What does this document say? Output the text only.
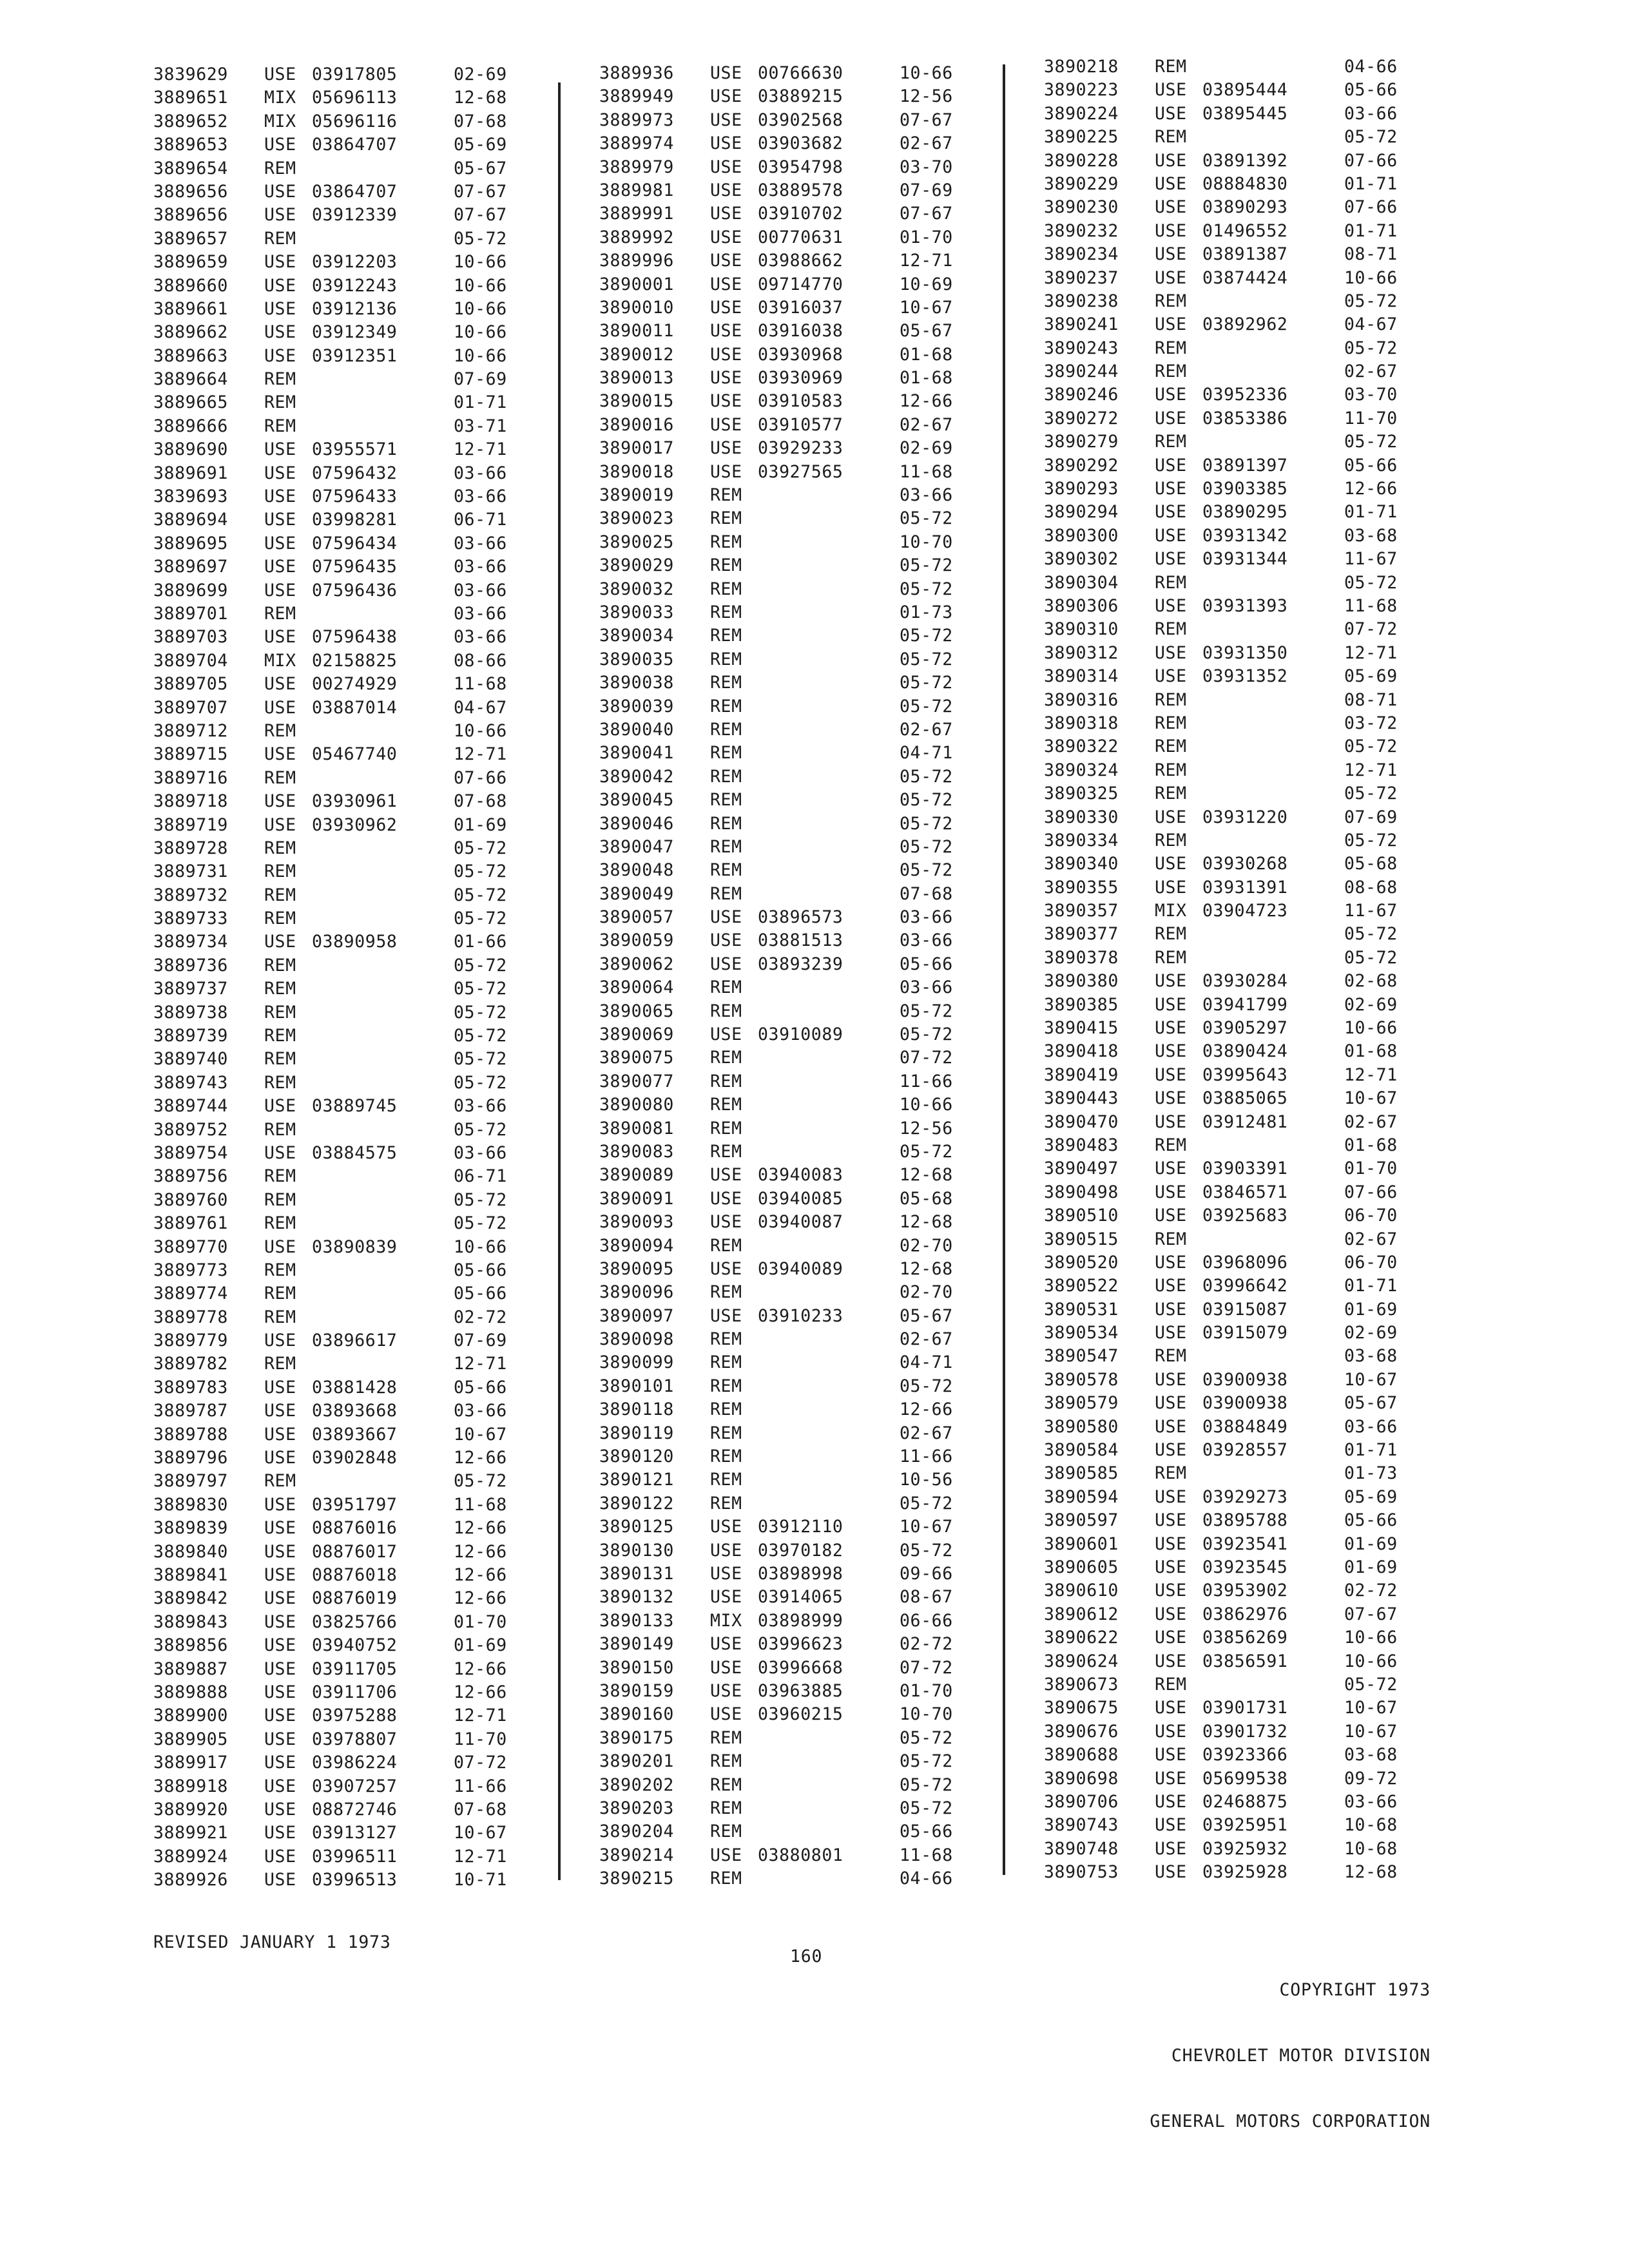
3839629 USE 03917805	02-69
3889651 MIX 05696113	12-68
3889652 MIX 05696116	07-68
3889653 USE 03864707	05-69
3889654 REM	05-67
3889656 USE 03864707	07-67
3889656 USE 03912339	07-67
3889657 REM	05-72
3889659 USE 03912203	10-66
3889660 USE 03912243	10-66
3889661 USE 03912136	10-66
3889662 USE 03912349	10-66
3889663 USE 03912351	10-66
3889664 REM	07-69
3889665 REM	01-71
3889666 REM	03-71
3889690 USE 03955571	12-71
3889691 USE 07596432	03-66
3839693 USE 07596433	03-66
3889694 USE 03998281	06-71
3889695 USE 07596434	03-66
3889697 USE 07596435	03-66
3889699 USE 07596436	03-66
3889701 REM	03-66
3889703 USE 07596438	03-66
3889704 MIX 02158825	08-66
3889705 USE 00274929	11-68
3889707 USE 03887014	04-67
3889712 REM	10-66
3889715 USE 05467740	12-71
3889716 REM	07-66
3889718 USE 03930961	07-68
3889719 USE 03930962	01-69
3889728 REM	05-72
3889731 REM	05-72
3889732 REM	05-72
3889733 REM	05-72
3889734 USE 03890958	01-66
3889736 REM	05-72
3889737 REM	05-72
3889738 REM	05-72
3889739 REM	05-72
3889740 REM	05-72
3889743 REM	05-72
3889744 USE 03889745	03-66
3889752 REM	05-72
3889754 USE 03884575	03-66
3889756 REM	06-71
3889760 REM	05-72
3889761 REM	05-72
3889770 USE 03890839	10-66
3889773 REM	05-66
3889774 REM	05-66
3889778 REM	02-72
3889779 USE 03896617	07-69
3889782 REM	12-71
3889783 USE 03881428	05-66
3889787 USE 03893668	03-66
3889788 USE 03893667	10-67
3889796 USE 03902848	12-66
3889797 REM	05-72
3889830 USE 03951797	11-68
3889839 USE 08876016	12-66
3889840 USE 08876017	12-66
3889841 USE 08876018	12-66
3889842 USE 08876019	12-66
3889843 USE 03825766	01-70
3889856 USE 03940752	01-69
3889887 USE 03911705	12-66
3889888 USE 03911706	12-66
3889900 USE 03975288	12-71
3889905 USE 03978807	11-70
3889917 USE 03986224	07-72
3889918 USE 03907257	11-66
3889920 USE 08872746	07-68
3889921 USE 03913127	10-67
3889924 USE 03996511	12-71
3889926 USE 03996513	10-71
3889936 USE 00766630	10-66
3889949 USE 03889215	12-56
3889973 USE 03902568	07-67
3889974 USE 03903682	02-67
3889979 USE 03954798	03-70
3889981 USE 03889578	07-69
3889991 USE 03910702	07-67
3889992 USE 00770631	01-70
3889996 USE 03988662	12-71
3890001 USE 09714770	10-69
3890010 USE 03916037	10-67
3890011 USE 03916038	05-67
3890012 USE 03930968	01-68
3890013 USE 03930969	01-68
3890015 USE 03910583	12-66
3890016 USE 03910577	02-67
3890017 USE 03929233	02-69
3890018 USE 03927565	11-68
3890019 REM	03-66
3890023 REM	05-72
3890025 REM	10-70
3890029 REM	05-72
3890032 REM	05-72
3890033 REM	01-73
3890034 REM	05-72
3890035 REM	05-72
3890038 REM	05-72
3890039 REM	05-72
3890040 REM	02-67
3890041 REM	04-71
3890042 REM	05-72
3890045 REM	05-72
3890046 REM	05-72
3890047 REM	05-72
3890048 REM	05-72
3890049 REM	07-68
3890057 USE 03896573	03-66
3890059 USE 03881513	03-66
3890062 USE 03893239	05-66
3890064 REM	03-66
3890065 REM	05-72
3890069 USE 03910089	05-72
3890075 REM	07-72
3890077 REM	11-66
3890080 REM	10-66
3890081 REM	12-56
3890083 REM	05-72
3890089 USE 03940083	12-68
3890091 USE 03940085	05-68
3890093 USE 03940087	12-68
3890094 REM	02-70
3890095 USE 03940089	12-68
3890096 REM	02-70
3890097 USE 03910233	05-67
3890098 REM	02-67
3890099 REM	04-71
3890101 REM	05-72
3890118 REM	12-66
3890119 REM	02-67
3890120 REM	11-66
3890121 REM	10-56
3890122 REM	05-72
3890125 USE 03912110	10-67
3890130 USE 03970182	05-72
3890131 USE 03898998	09-66
3890132 USE 03914065	08-67
3890133 MIX 03898999	06-66
3890149 USE 03996623	02-72
3890150 USE 03996668	07-72
3890159 USE 03963885	01-70
3890160 USE 03960215	10-70
3890175 REM	05-72
3890201 REM	05-72
3890202 REM	05-72
3890203 REM	05-72
3890204 REM	05-66
3890214 USE 03880801	11-68
3890215 REM	04-66
3890218 REM	04-66
3890223 USE 03895444	05-66
3890224 USE 03895445	03-66
3890225 REM	05-72
3890228 USE 03891392	07-66
3890229 USE 08884830	01-71
3890230 USE 03890293	07-66
3890232 USE 01496552	01-71
3890234 USE 03891387	08-71
3890237 USE 03874424	10-66
3890238 REM	05-72
3890241 USE 03892962	04-67
3890243 REM	05-72
3890244 REM	02-67
3890246 USE 03952336	03-70
3890272 USE 03853386	11-70
3890279 REM	05-72
3890292 USE 03891397	05-66
3890293 USE 03903385	12-66
3890294 USE 03890295	01-71
3890300 USE 03931342	03-68
3890302 USE 03931344	11-67
3890304 REM	05-72
3890306 USE 03931393	11-68
3890310 REM	07-72
3890312 USE 03931350	12-71
3890314 USE 03931352	05-69
3890316 REM	08-71
3890318 REM	03-72
3890322 REM	05-72
3890324 REM	12-71
3890325 REM	05-72
3890330 USE 03931220	07-69
3890334 REM	05-72
3890340 USE 03930268	05-68
3890355 USE 03931391	08-68
3890357 MIX 03904723	11-67
3890377 REM	05-72
3890378 REM	05-72
3890380 USE 03930284	02-68
3890385 USE 03941799	02-69
3890415 USE 03905297	10-66
3890418 USE 03890424	01-68
3890419 USE 03995643	12-71
3890443 USE 03885065	10-67
3890470 USE 03912481	02-67
3890483 REM	01-68
3890497 USE 03903391	01-70
3890498 USE 03846571	07-66
3890510 USE 03925683	06-70
3890515 REM	02-67
3890520 USE 03968096	06-70
3890522 USE 03996642	01-71
3890531 USE 03915087	01-69
3890534 USE 03915079	02-69
3890547 REM	03-68
3890578 USE 03900938	10-67
3890579 USE 03900938	05-67
3890580 USE 03884849	03-66
3890584 USE 03928557	01-71
3890585 REM	01-73
3890594 USE 03929273	05-69
3890597 USE 03895788	05-66
3890601 USE 03923541	01-69
3890605 USE 03923545	01-69
3890610 USE 03953902	02-72
3890612 USE 03862976	07-67
3890622 USE 03856269	10-66
3890624 USE 03856591	10-66
3890673 REM	05-72
3890675 USE 03901731	10-67
3890676 USE 03901732	10-67
3890688 USE 03923366	03-68
3890698 USE 05699538	09-72
3890706 USE 02468875	03-66
3890743 USE 03925951	10-68
3890748 USE 03925932	10-68
3890753 USE 03925928	12-68
REVISED JANUARY 1 1973
160

COPYRIGHT 1973

CHEVROLET MOTOR DIVISION

GENERAL MOTORS CORPORATION
